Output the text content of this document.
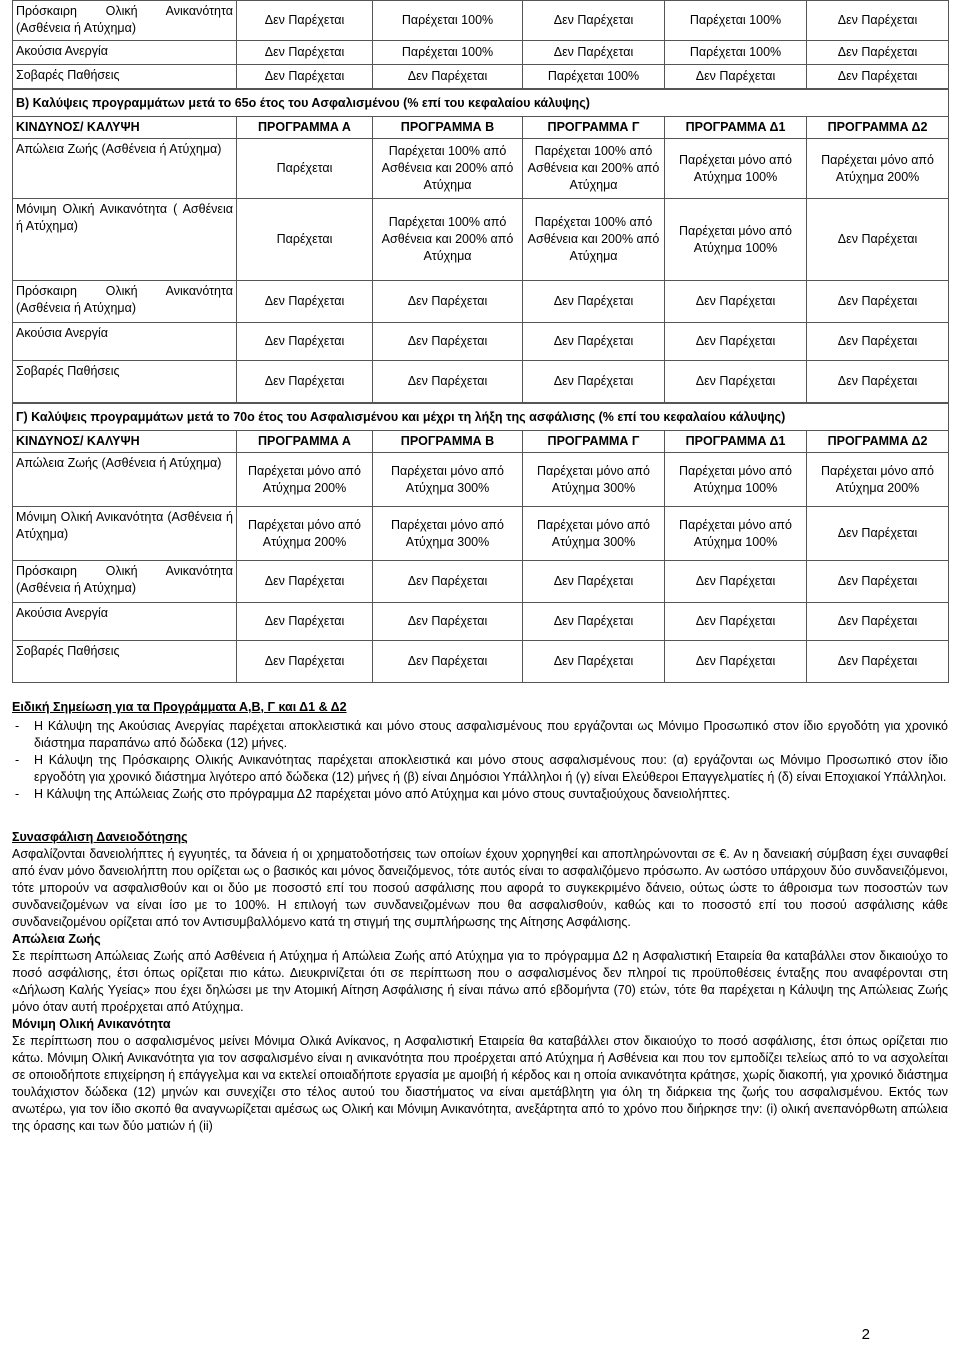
Πρόσκαιρη Ολική Ανικανότητα (Ασθένεια ή Ατύχημα)	Δεν Παρέχεται	Παρέχεται 100%	Δεν Παρέχεται	Παρέχεται 100%	Δεν Παρέχεται
Ακούσια Ανεργία	Δεν Παρέχεται	Παρέχεται 100%	Δεν Παρέχεται	Παρέχεται 100%	Δεν Παρέχεται
Σοβαρές Παθήσεις	Δεν Παρέχεται	Δεν Παρέχεται	Παρέχεται 100%	Δεν Παρέχεται	Δεν Παρέχεται
Β) Καλύψεις προγραμμάτων μετά το 65ο έτος του Ασφαλισμένου (% επί του κεφαλαίου κάλυψης)					
ΚΙΝΔΥΝΟΣ/ ΚΑΛΥΨΗ	ΠΡΟΓΡΑΜΜΑ Α	ΠΡΟΓΡΑΜΜΑ Β	ΠΡΟΓΡΑΜΜΑ Γ	ΠΡΟΓΡΑΜΜΑ Δ1	ΠΡΟΓΡΑΜΜΑ Δ2
Απώλεια Ζωής (Ασθένεια ή Ατύχημα)	Παρέχεται	Παρέχεται 100% από Ασθένεια και 200% από Ατύχημα	Παρέχεται 100% από Ασθένεια και 200% από Ατύχημα	Παρέχεται μόνο από Ατύχημα 100%	Παρέχεται μόνο από Ατύχημα 200%
Μόνιμη Ολική Ανικανότητα ( Ασθένεια ή Ατύχημα)	Παρέχεται	Παρέχεται 100% από Ασθένεια και 200% από Ατύχημα	Παρέχεται 100% από Ασθένεια και 200% από Ατύχημα	Παρέχεται μόνο από Ατύχημα 100%	Δεν Παρέχεται
Πρόσκαιρη Ολική Ανικανότητα (Ασθένεια ή Ατύχημα)	Δεν Παρέχεται	Δεν Παρέχεται	Δεν Παρέχεται	Δεν Παρέχεται	Δεν Παρέχεται
Ακούσια Ανεργία	Δεν Παρέχεται	Δεν Παρέχεται	Δεν Παρέχεται	Δεν Παρέχεται	Δεν Παρέχεται
Σοβαρές Παθήσεις	Δεν Παρέχεται	Δεν Παρέχεται	Δεν Παρέχεται	Δεν Παρέχεται	Δεν Παρέχεται
Γ) Καλύψεις προγραμμάτων μετά το 70ο έτος του Ασφαλισμένου και μέχρι τη λήξη της ασφάλισης (% επί του κεφαλαίου κάλυψης)					
ΚΙΝΔΥΝΟΣ/ ΚΑΛΥΨΗ	ΠΡΟΓΡΑΜΜΑ Α	ΠΡΟΓΡΑΜΜΑ Β	ΠΡΟΓΡΑΜΜΑ Γ	ΠΡΟΓΡΑΜΜΑ Δ1	ΠΡΟΓΡΑΜΜΑ Δ2
Απώλεια Ζωής (Ασθένεια ή Ατύχημα)	Παρέχεται μόνο από Ατύχημα 200%	Παρέχεται μόνο από Ατύχημα 300%	Παρέχεται μόνο από Ατύχημα 300%	Παρέχεται μόνο από Ατύχημα 100%	Παρέχεται μόνο από Ατύχημα 200%
Μόνιμη Ολική Ανικανότητα (Ασθένεια ή Ατύχημα)	Παρέχεται μόνο από Ατύχημα 200%	Παρέχεται μόνο από Ατύχημα 300%	Παρέχεται μόνο από Ατύχημα 300%	Παρέχεται μόνο από Ατύχημα 100%	Δεν Παρέχεται
Πρόσκαιρη Ολική Ανικανότητα (Ασθένεια ή Ατύχημα)	Δεν Παρέχεται	Δεν Παρέχεται	Δεν Παρέχεται	Δεν Παρέχεται	Δεν Παρέχεται
Ακούσια Ανεργία	Δεν Παρέχεται	Δεν Παρέχεται	Δεν Παρέχεται	Δεν Παρέχεται	Δεν Παρέχεται
Σοβαρές Παθήσεις	Δεν Παρέχεται	Δεν Παρέχεται	Δεν Παρέχεται	Δεν Παρέχεται	Δεν Παρέχεται
Ειδική Σημείωση για τα Προγράμματα Α,Β, Γ και Δ1 & Δ2
- Η Κάλυψη της Ακούσιας Ανεργίας παρέχεται αποκλειστικά και μόνο στους ασφαλισμένους που εργάζονται ως Μόνιμο Προσωπικό στον ίδιο εργοδότη για χρονικό διάστημα παραπάνω από δώδεκα (12) μήνες.
- Η Κάλυψη της Πρόσκαιρης Ολικής Ανικανότητας παρέχεται αποκλειστικά και μόνο στους ασφαλισμένους που: (α) εργάζονται ως Μόνιμο Προσωπικό στον ίδιο εργοδότη για χρονικό διάστημα λιγότερο από δώδεκα (12) μήνες ή (β) είναι Δημόσιοι Υπάλληλοι ή (γ) είναι Ελεύθεροι Επαγγελματίες ή (δ) είναι Εποχιακοί Υπάλληλοι.
- Η Κάλυψη της Απώλειας Ζωής στο πρόγραμμα Δ2 παρέχεται μόνο από Ατύχημα και μόνο στους συνταξιούχους δανειολήπτες.
Συνασφάλιση Δανειοδότησης
Ασφαλίζονται δανειολήπτες ή εγγυητές, τα δάνεια ή οι χρηματοδοτήσεις των οποίων έχουν χορηγηθεί και αποπληρώνονται σε €. Αν η δανειακή σύμβαση έχει συναφθεί από έναν μόνο δανειολήπτη που ορίζεται ως ο βασικός και μόνος δανειζόμενος, τότε αυτός είναι το ασφαλιζόμενο πρόσωπο. Αν ωστόσο υπάρχουν δύο συνδανειζόμενοι, τότε μπορούν να ασφαλισθούν και οι δύο με ποσοστό επί του ποσού ασφάλισης που αφορά το συγκεκριμένο δάνειο, ούτως ώστε το άθροισμα των ποσοστών των συνδανειζομένων να είναι ίσο με το 100%. Η επιλογή των συνδανειζομένων που θα ασφαλισθούν, καθώς και το ποσοστό επί του ποσού ασφάλισης κάθε συνδανειζομένου ορίζεται από τον Αντισυμβαλλόμενο κατά τη στιγμή της συμπλήρωσης της Αίτησης Ασφάλισης.
Απώλεια Ζωής
Σε περίπτωση Απώλειας Ζωής από Ασθένεια ή Ατύχημα ή Απώλεια Ζωής από Ατύχημα για το πρόγραμμα Δ2 η Ασφαλιστική Εταιρεία θα καταβάλλει στον δικαιούχο το ποσό ασφάλισης, έτσι όπως ορίζεται πιο κάτω. Διευκρινίζεται ότι σε περίπτωση που ο ασφαλισμένος δεν πληροί τις προϋποθέσεις ένταξης που αναφέρονται στη «Δήλωση Καλής Υγείας» που έχει δηλώσει με την Ατομική Αίτηση Ασφάλισης ή είναι πάνω από εβδομήντα (70) ετών, τότε θα παρέχεται η Κάλυψη της Απώλειας Ζωής μόνο όταν αυτή προέρχεται από Ατύχημα.
Μόνιμη Ολική Ανικανότητα
Σε περίπτωση που ο ασφαλισμένος μείνει Μόνιμα Ολικά Ανίκανος, η Ασφαλιστική Εταιρεία θα καταβάλλει στον δικαιούχο το ποσό ασφάλισης, έτσι όπως ορίζεται πιο κάτω. Μόνιμη Ολική Ανικανότητα για τον ασφαλισμένο είναι η ανικανότητα που προέρχεται από Ατύχημα ή Ασθένεια και που τον εμποδίζει τελείως από το να ασχολείται σε οποιοδήποτε επιχείρηση ή επάγγελμα και να εκτελεί οποιαδήποτε εργασία με αμοιβή ή κέρδος και η οποία ανικανότητα κράτησε, χωρίς διακοπή, για χρονικό διάστημα τουλάχιστον δώδεκα (12) μηνών και συνεχίζει στο τέλος αυτού του διαστήματος να είναι αμετάβλητη για όλη τη διάρκεια της ζωής του ασφαλισμένου. Εκτός των ανωτέρω, για τον ίδιο σκοπό θα αναγνωρίζεται αμέσως ως Ολική και Μόνιμη Ανικανότητα, ανεξάρτητα από το χρόνο που διήρκησε την: (i) ολική ανεπανόρθωτη απώλεια της όρασης και των δύο ματιών ή (ii)
2
